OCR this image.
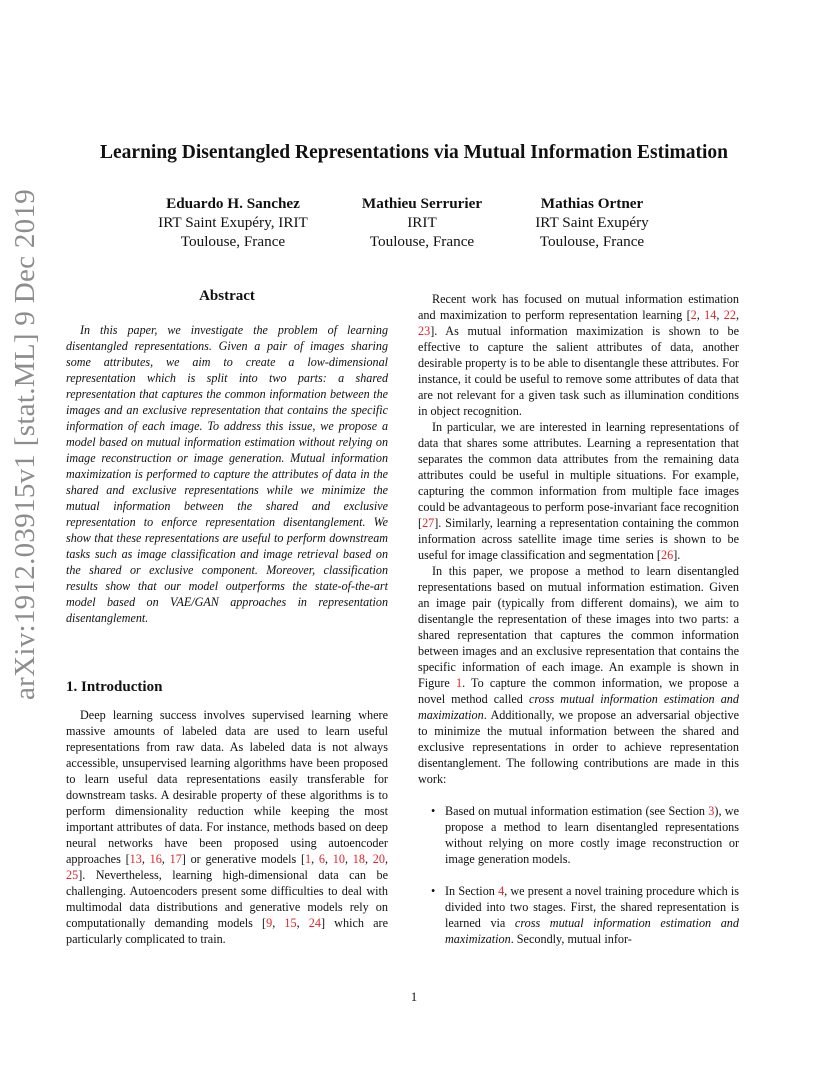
arXiv:1912.03915v1 [stat.ML] 9 Dec 2019
Learning Disentangled Representations via Mutual Information Estimation
Eduardo H. Sanchez
IRT Saint Exupéry, IRIT
Toulouse, France
Mathieu Serrurier
IRIT
Toulouse, France
Mathias Ortner
IRT Saint Exupéry
Toulouse, France
Abstract

In this paper, we investigate the problem of learning disentangled representations. Given a pair of images sharing some attributes, we aim to create a low-dimensional representation which is split into two parts: a shared representation that captures the common information between the images and an exclusive representation that contains the specific information of each image. To address this issue, we propose a model based on mutual information estimation without relying on image reconstruction or image generation. Mutual information maximization is performed to capture the attributes of data in the shared and exclusive representations while we minimize the mutual information between the shared and exclusive representation to enforce representation disentanglement. We show that these representations are useful to perform downstream tasks such as image classification and image retrieval based on the shared or exclusive component. Moreover, classification results show that our model outperforms the state-of-the-art model based on VAE/GAN approaches in representation disentanglement.

1. Introduction

Deep learning success involves supervised learning where massive amounts of labeled data are used to learn useful representations from raw data. As labeled data is not always accessible, unsupervised learning algorithms have been proposed to learn useful data representations easily transferable for downstream tasks. A desirable property of these algorithms is to perform dimensionality reduction while keeping the most important attributes of data. For instance, methods based on deep neural networks have been proposed using autoencoder approaches [13, 16, 17] or generative models [1, 6, 10, 18, 20, 25]. Nevertheless, learning high-dimensional data can be challenging. Autoencoders present some difficulties to deal with multimodal data distributions and generative models rely on computationally demanding models [9, 15, 24] which are particularly complicated to train.

Recent work has focused on mutual information estimation and maximization to perform representation learning [2, 14, 22, 23]. As mutual information maximization is shown to be effective to capture the salient attributes of data, another desirable property is to be able to disentangle these attributes. For instance, it could be useful to remove some attributes of data that are not relevant for a given task such as illumination conditions in object recognition.

In particular, we are interested in learning representations of data that shares some attributes. Learning a representation that separates the common data attributes from the remaining data attributes could be useful in multiple situations. For example, capturing the common information from multiple face images could be advantageous to perform pose-invariant face recognition [27]. Similarly, learning a representation containing the common information across satellite image time series is shown to be useful for image classification and segmentation [26].

In this paper, we propose a method to learn disentangled representations based on mutual information estimation. Given an image pair (typically from different domains), we aim to disentangle the representation of these images into two parts: a shared representation that captures the common information between images and an exclusive representation that contains the specific information of each image. An example is shown in Figure 1. To capture the common information, we propose a novel method called cross mutual information estimation and maximization. Additionally, we propose an adversarial objective to minimize the mutual information between the shared and exclusive representations in order to achieve representation disentanglement. The following contributions are made in this work:

• Based on mutual information estimation (see Section 3), we propose a method to learn disentangled representations without relying on more costly image reconstruction or image generation models.
• In Section 4, we present a novel training procedure which is divided into two stages. First, the shared representation is learned via cross mutual information estimation and maximization. Secondly, mutual infor-
1
